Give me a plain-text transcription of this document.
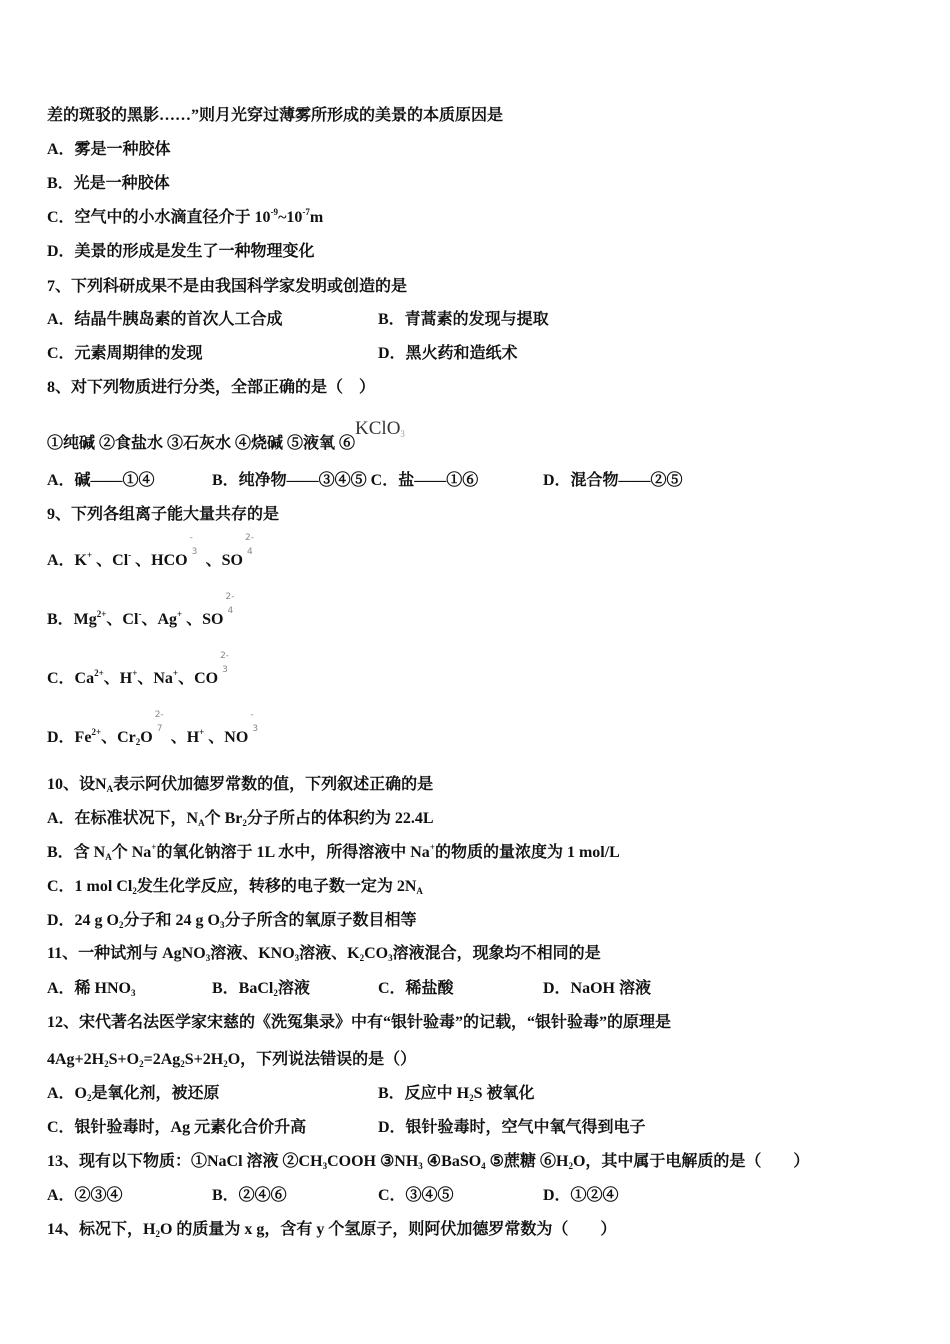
差的斑驳的黑影……”则月光穿过薄雾所形成的美景的本质原因是
A．雾是一种胶体
B．光是一种胶体
C．空气中的小水滴直径介于 $10^{-9}\sim 10^{-7}m$
D．美景的形成是发生了一种物理变化
7、下列科研成果不是由我国科学家发明或创造的是
A．结晶牛胰岛素的首次人工合成	B．青蒿素的发现与提取
C．元素周期律的发现	D．黑火药和造纸术
8、对下列物质进行分类，全部正确的是（　）
①纯碱 ②食盐水 ③石灰水 ④烧碱 ⑤液氧 ⑥KClO$_3$
A．碱——①④	B．纯净物——③④⑤ C．盐——①⑥	D．混合物——②⑤
9、下列各组离子能大量共存的是
A．K+ 、Cl- 、HCO
-
3 、SO
2-
4
B．$Mg^{2+}$、Cl-、Ag+ 、SO
2-
4
C．$Ca^{2+}$、H+、Na+、CO
2-
3
D．$Fe^{2+}$、$Cr_2O$
2-
7 、H+ 、NO
-
3
10、设$N_A$表示阿伏加德罗常数的值，下列叙述正确的是
A．在标准状况下，$N_A$个 $Br_2$分子所占的体积约为 22.4L
B．含 $N_A$个 Na+的氧化钠溶于 1L 水中，所得溶液中 Na+的物质的量浓度为 1 mol/L
C．1 mol $Cl_2$发生化学反应，转移的电子数一定为 $2N_A$
D．24 g $O_2$分子和 24 g $O_3$分子所含的氧原子数目相等
11、一种试剂与 AgNO$_3$溶液、$KNO_3$溶液、$K_2CO_3$溶液混合，现象均不相同的是
A．稀 $HNO_3$	B．BaCl$_2$溶液	C．稀盐酸	D．NaOH 溶液
12、宋代著名法医学家宋慈的《洗冤集录》中有“银针验毒”的记载，“银针验毒”的原理是
$4Ag+2H_2S+O_2=2Ag_2S+2H_2O$，下列说法错误的是（）
A．$O_2$是氧化剂，被还原	B．反应中 $H_2S$ 被氧化
C．银针验毒时，Ag 元素化合价升高	D．银针验毒时，空气中氧气得到电子
13、现有以下物质：①NaCl 溶液 $②CH_3COOH$ $③NH_3$ ④BaSO$_4$ ⑤蔗糖 $⑥H_2O$，其中属于电解质的是（　　）
A．②③④	B．②④⑥	C．③④⑤	D．①②④
14、标况下，$H_2O$ 的质量为 x g，含有 y 个氢原子，则阿伏加德罗常数为（　　）
